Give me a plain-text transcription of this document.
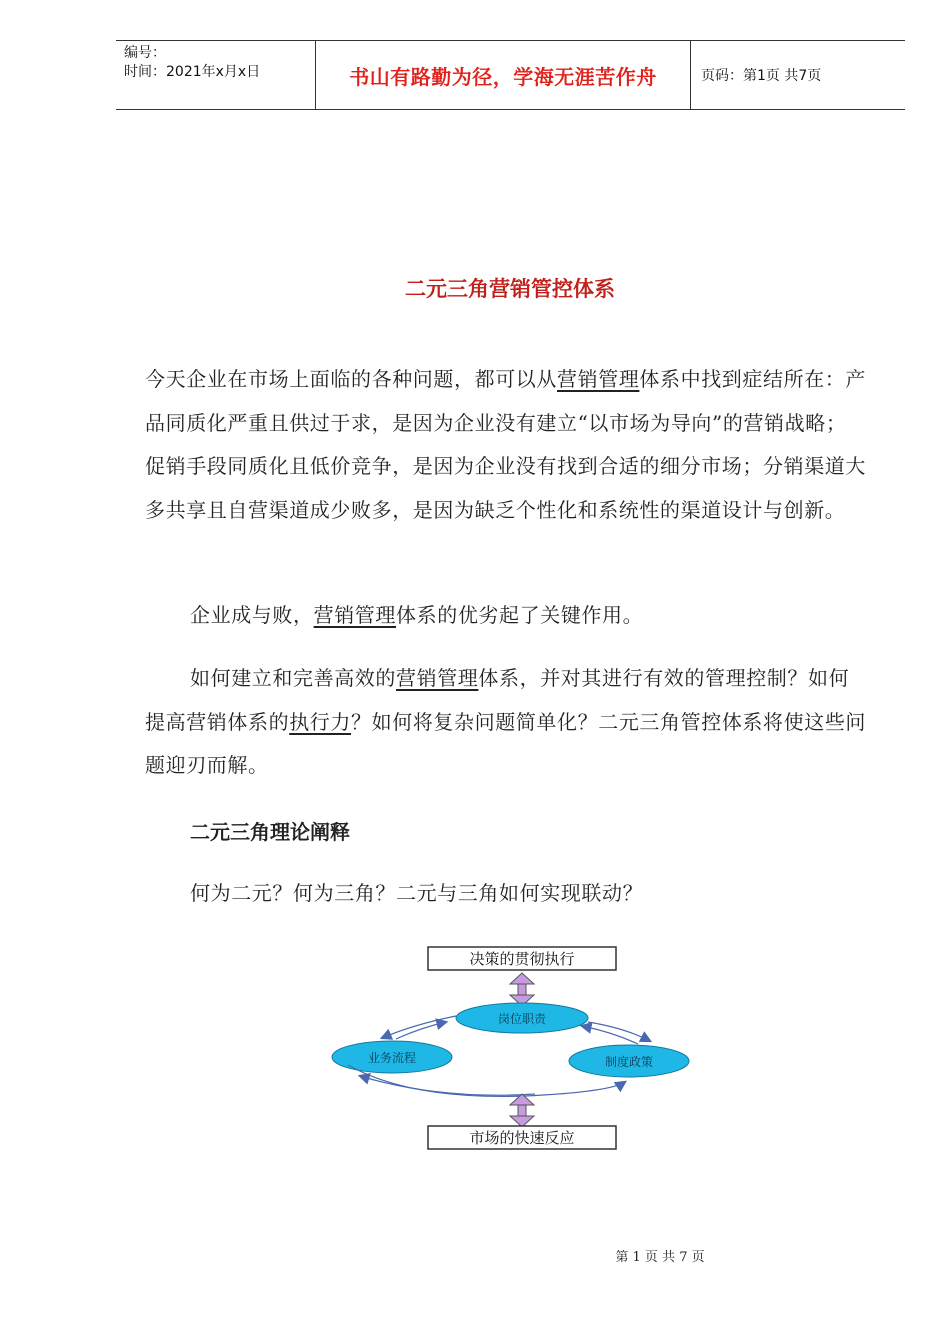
编号：
时间：2021年x月x日	书山有路勤为径，学海无涯苦作舟	页码：第1页 共7页
二元三角营销管控体系

今天企业在市场上面临的各种问题，都可以从营销管理体系中找到症结所在：产品同质化严重且供过于求，是因为企业没有建立“以市场为导向”的营销战略；促销手段同质化且低价竞争，是因为企业没有找到合适的细分市场；分销渠道大多共享且自营渠道成少败多，是因为缺乏个性化和系统性的渠道设计与创新。

企业成与败，营销管理体系的优劣起了关键作用。

如何建立和完善高效的营销管理体系，并对其进行有效的管理控制？如何提高营销体系的执行力？如何将复杂问题简单化？二元三角管控体系将使这些问题迎刃而解。

二元三角理论阐释

何为二元？何为三角？二元与三角如何实现联动？

决策的贯彻执行
岗位职责
业务流程	制度政策
市场的快速反应
第 1 页 共 7 页
